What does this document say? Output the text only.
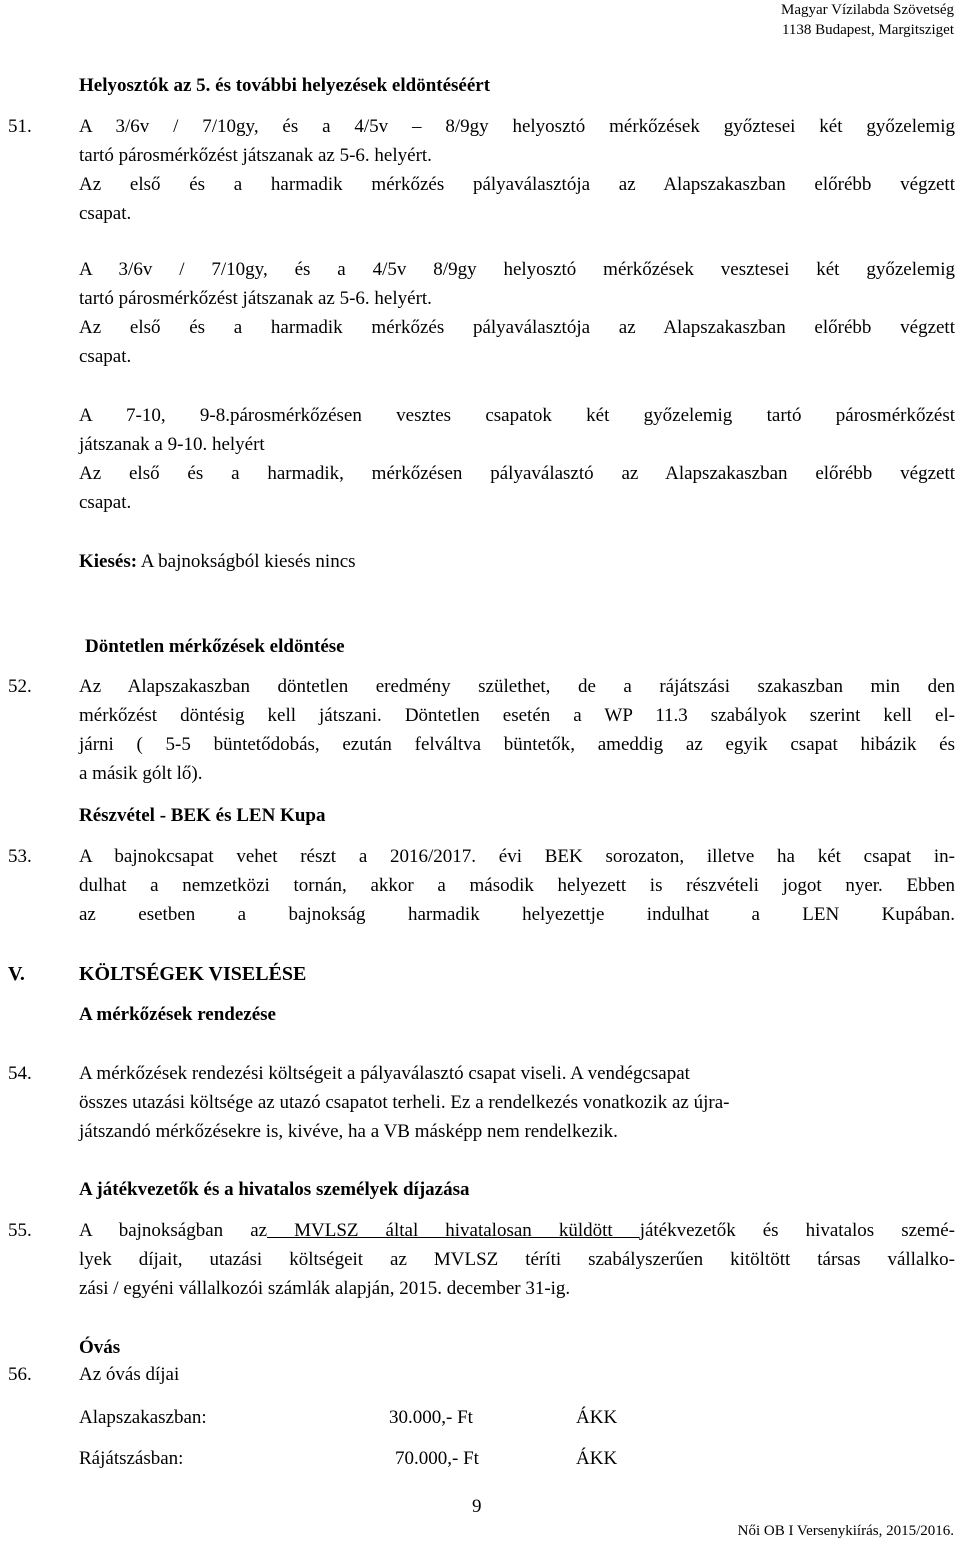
Magyar Vízilabda Szövetség
1138 Budapest, Margitsziget
Helyosztók az 5. és további helyezések eldöntéséért
51. A 3/6v / 7/10gy, és a 4/5v – 8/9gy helyosztó mérkőzések győztesei két győzelemig
tartó párosmérkőzést játszanak az 5-6. helyért.
Az első és a harmadik mérkőzés pályaválasztója az Alapszakaszban előrébb végzett
csapat.
A 3/6v / 7/10gy, és a 4/5v 8/9gy helyosztó mérkőzések vesztesei két győzelemig
tartó párosmérkőzést játszanak az 5-6. helyért.
Az első és a harmadik mérkőzés pályaválasztója az Alapszakaszban előrébb végzett
csapat.
A 7-10, 9-8.párosmérkőzésen vesztes csapatok két győzelemig tartó párosmérkőzést
játszanak a 9-10. helyért
Az első és a harmadik, mérkőzésen pályaválasztó az Alapszakaszban előrébb végzett
csapat.
Kiesés: A bajnokságból kiesés nincs
Döntetlen mérkőzések eldöntése
52. Az Alapszakaszban döntetlen eredmény születhet, de a rájátszási szakaszban min den
mérkőzést döntésig kell játszani. Döntetlen esetén a WP 11.3 szabályok szerint kell el-
járni ( 5-5 büntetődobás, ezután felváltva büntetők, ameddig az egyik csapat hibázik és
a másik gólt lő).
Részvétel - BEK és LEN Kupa
53. A bajnokcsapat vehet részt a 2016/2017. évi BEK sorozaton, illetve ha két csapat in-
dulhat a nemzetközi tornán, akkor a második helyezett is részvételi jogot nyer. Ebben
az esetben a bajnokság harmadik helyezettje indulhat a LEN Kupában.
V.	KÖLTSÉGEK VISELÉSE
A mérkőzések rendezése
54. A mérkőzések rendezési költségeit a pályaválasztó csapat viseli. A vendégcsapat
összes utazási költsége az utazó csapatot terheli. Ez a rendelkezés vonatkozik az újra-
játszandó mérkőzésekre is, kivéve, ha a VB másképp nem rendelkezik.
A játékvezetők és a hivatalos személyek díjazása
55. A bajnokságban az MVLSZ által hivatalosan küldött játékvezetők és hivatalos szemé-
lyek díjait, utazási költségeit az MVLSZ téríti szabályszerűen kitöltött társas vállalko-
zási / egyéni vállalkozói számlák alapján, 2015. december 31-ig.
Óvás
56. Az óvás díjai
Alapszakaszban:	30.000,- Ft	ÁKK
Rájátszásban:	70.000,- Ft	ÁKK
9
Női OB I Versenykiírás, 2015/2016.
